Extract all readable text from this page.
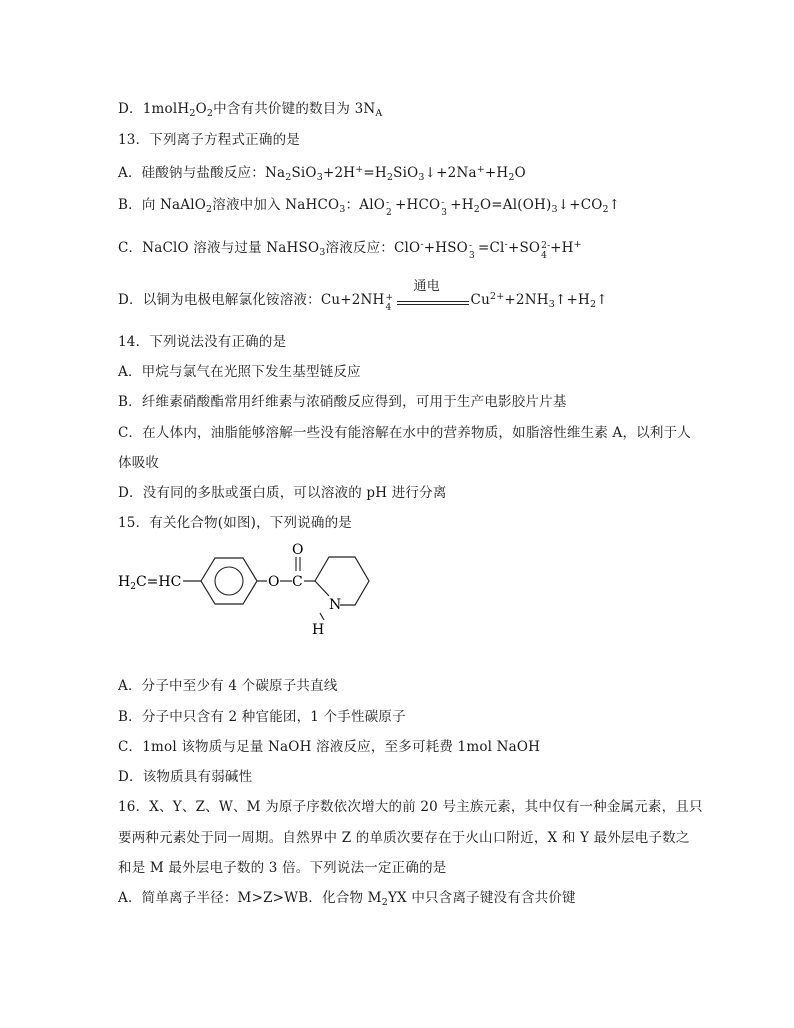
D．$1molH_2O_2$中含有共价键的数目为 $3N_A$
13．下列离子方程式正确的是
A．硅酸钠与盐酸反应：$Na_2SiO_3+2H^+=H_2SiO_3↓+2Na^++H_2O$
B．向 NaAlO$_2$溶液中加入 NaHCO$_3$：AlO -
2 +HCO -
$3 +H_2O=Al(OH)_3↓+CO_2↑$
C．NaClO 溶液与过量 NaHSO$_3$溶液反应：ClO-+HSO -
3 =Cl-+SO 2-
4 +H+
D．以铜为电极电解氯化铵溶液：Cu+2NH +
4
通电
$Cu^{2+}+2NH_3↑+H_2↑$
14．下列说法没有正确的是
A．甲烷与氯气在光照下发生基型链反应
B．纤维素硝酸酯常用纤维素与浓硝酸反应得到，可用于生产电影胶片片基
C．在人体内，油脂能够溶解一些没有能溶解在水中的营养物质，如脂溶性维生素 A，以利于人
体吸收
D．没有同的多肽或蛋白质，可以溶液的 pH 进行分离
15．有关化合物(如图)，下列说确的是
$H_2C=HC$	O C
O
N
H
A．分子中至少有 4 个碳原子共直线
B．分子中只含有 2 种官能团，1 个手性碳原子
C．1mol 该物质与足量 NaOH 溶液反应，至多可耗费 1mol NaOH
D．该物质具有弱碱性
16．X、Y、Z、W、M 为原子序数依次增大的前 20 号主族元素，其中仅有一种金属元素，且只
要两种元素处于同一周期。自然界中 Z 的单质次要存在于火山口附近，X 和 Y 最外层电子数之
和是 M 最外层电子数的 3 倍。下列说法一定正确的是
A．简单离子半径：M>Z>WB．化合物 $M_2YX$ 中只含离子键没有含共价键
